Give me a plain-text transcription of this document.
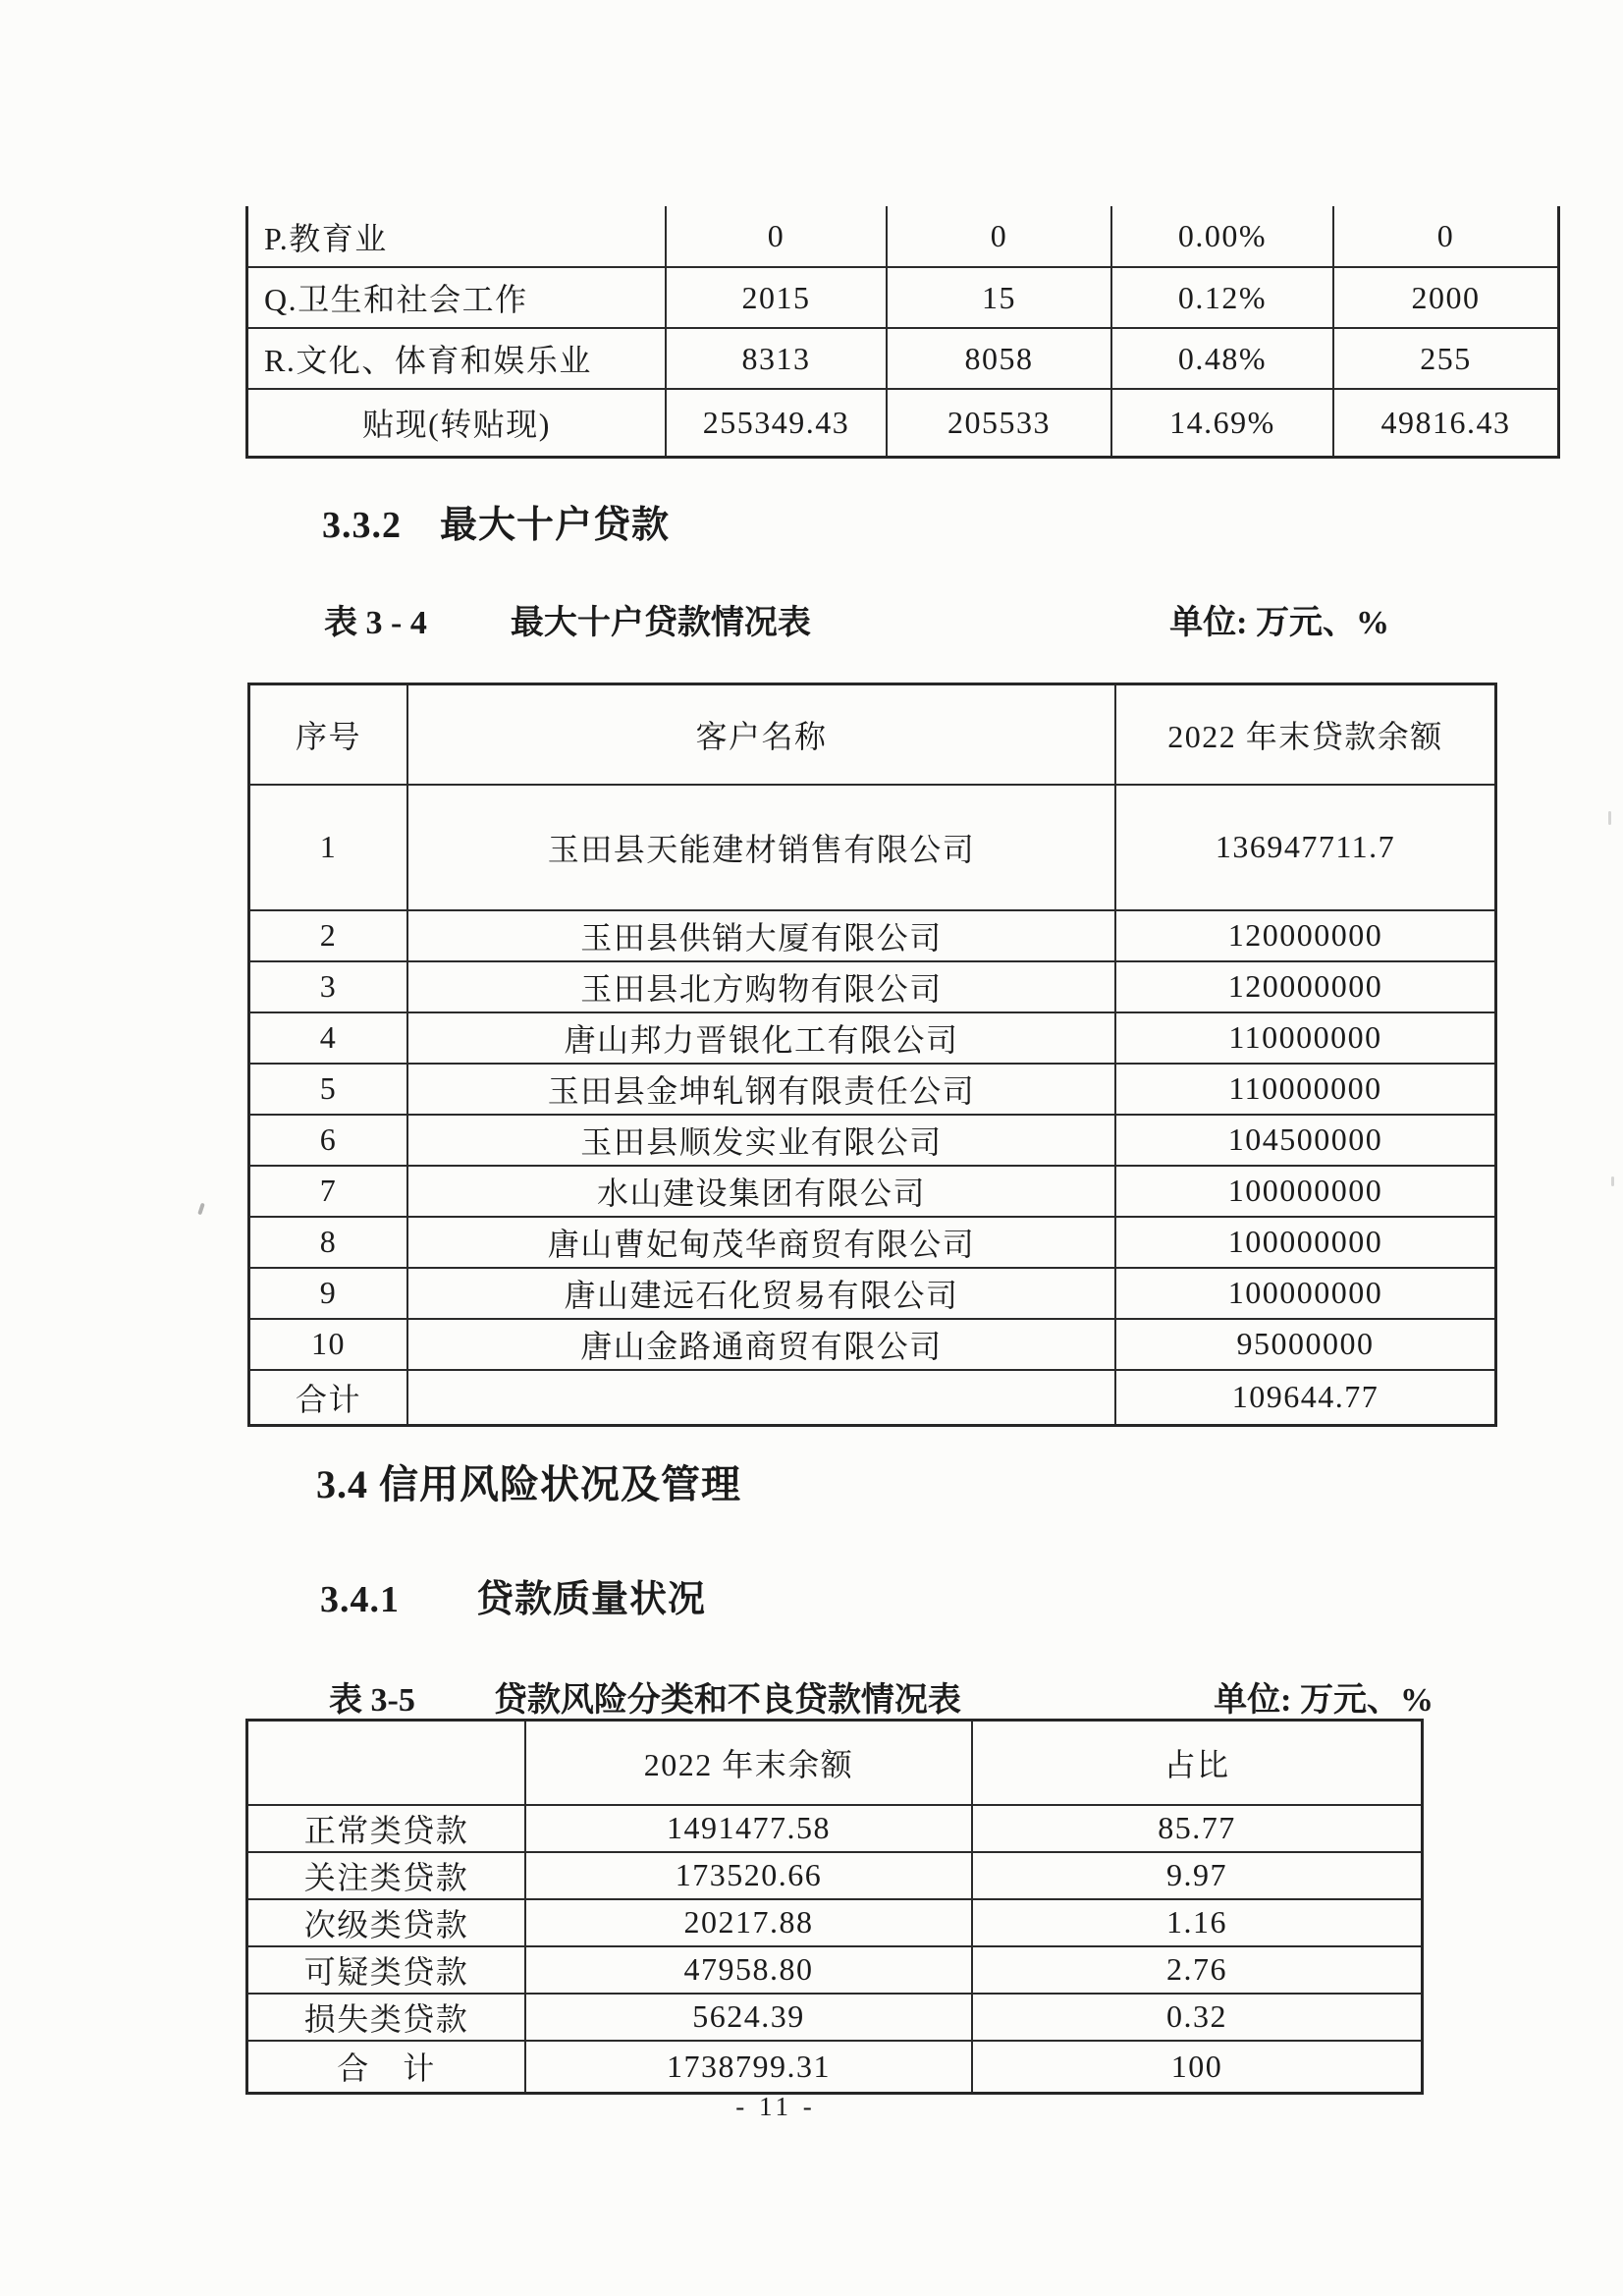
P.教育业	0	0	0.00%	0
Q.卫生和社会工作	2015	15	0.12%	2000
R.文化、体育和娱乐业	8313	8058	0.48%	255
贴现(转贴现)	255349.43	205533	14.69%	49816.43
3.3.2　最大十户贷款
表 3 - 4	最大十户贷款情况表	单位: 万元、%
序号	客户名称	2022 年末贷款余额
1	玉田县天能建材销售有限公司	136947711.7
2	玉田县供销大厦有限公司	120000000
3	玉田县北方购物有限公司	120000000
4	唐山邦力晋银化工有限公司	110000000
5	玉田县金坤轧钢有限责任公司	110000000
6	玉田县顺发实业有限公司	104500000
7	水山建设集团有限公司	100000000
8	唐山曹妃甸茂华商贸有限公司	100000000
9	唐山建远石化贸易有限公司	100000000
10	唐山金路通商贸有限公司	95000000
合计		109644.77
3.4 信用风险状况及管理
3.4.1　　贷款质量状况
表 3-5 贷款风险分类和不良贷款情况表	单位: 万元、%
	2022 年末余额	占比
正常类贷款	1491477.58	85.77
关注类贷款	173520.66	9.97
次级类贷款	20217.88	1.16
可疑类贷款	47958.80	2.76
损失类贷款	5624.39	0.32
合　计	1738799.31	100
- 11 -
